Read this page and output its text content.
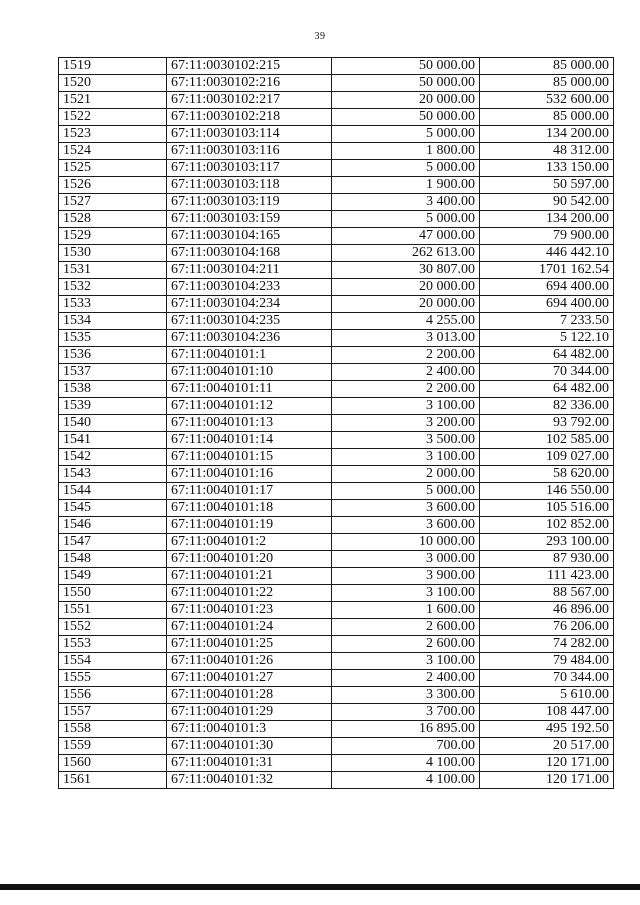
39
1519	67:11:0030102:215	50 000.00	85 000.00
1520	67:11:0030102:216	50 000.00	85 000.00
1521	67:11:0030102:217	20 000.00	532 600.00
1522	67:11:0030102:218	50 000.00	85 000.00
1523	67:11:0030103:114	5 000.00	134 200.00
1524	67:11:0030103:116	1 800.00	48 312.00
1525	67:11:0030103:117	5 000.00	133 150.00
1526	67:11:0030103:118	1 900.00	50 597.00
1527	67:11:0030103:119	3 400.00	90 542.00
1528	67:11:0030103:159	5 000.00	134 200.00
1529	67:11:0030104:165	47 000.00	79 900.00
1530	67:11:0030104:168	262 613.00	446 442.10
1531	67:11:0030104:211	30 807.00	1701 162.54
1532	67:11:0030104:233	20 000.00	694 400.00
1533	67:11:0030104:234	20 000.00	694 400.00
1534	67:11:0030104:235	4 255.00	7 233.50
1535	67:11:0030104:236	3 013.00	5 122.10
1536	67:11:0040101:1	2 200.00	64 482.00
1537	67:11:0040101:10	2 400.00	70 344.00
1538	67:11:0040101:11	2 200.00	64 482.00
1539	67:11:0040101:12	3 100.00	82 336.00
1540	67:11:0040101:13	3 200.00	93 792.00
1541	67:11:0040101:14	3 500.00	102 585.00
1542	67:11:0040101:15	3 100.00	109 027.00
1543	67:11:0040101:16	2 000.00	58 620.00
1544	67:11:0040101:17	5 000.00	146 550.00
1545	67:11:0040101:18	3 600.00	105 516.00
1546	67:11:0040101:19	3 600.00	102 852.00
1547	67:11:0040101:2	10 000.00	293 100.00
1548	67:11:0040101:20	3 000.00	87 930.00
1549	67:11:0040101:21	3 900.00	111 423.00
1550	67:11:0040101:22	3 100.00	88 567.00
1551	67:11:0040101:23	1 600.00	46 896.00
1552	67:11:0040101:24	2 600.00	76 206.00
1553	67:11:0040101:25	2 600.00	74 282.00
1554	67:11:0040101:26	3 100.00	79 484.00
1555	67:11:0040101:27	2 400.00	70 344.00
1556	67:11:0040101:28	3 300.00	5 610.00
1557	67:11:0040101:29	3 700.00	108 447.00
1558	67:11:0040101:3	16 895.00	495 192.50
1559	67:11:0040101:30	700.00	20 517.00
1560	67:11:0040101:31	4 100.00	120 171.00
1561	67:11:0040101:32	4 100.00	120 171.00
